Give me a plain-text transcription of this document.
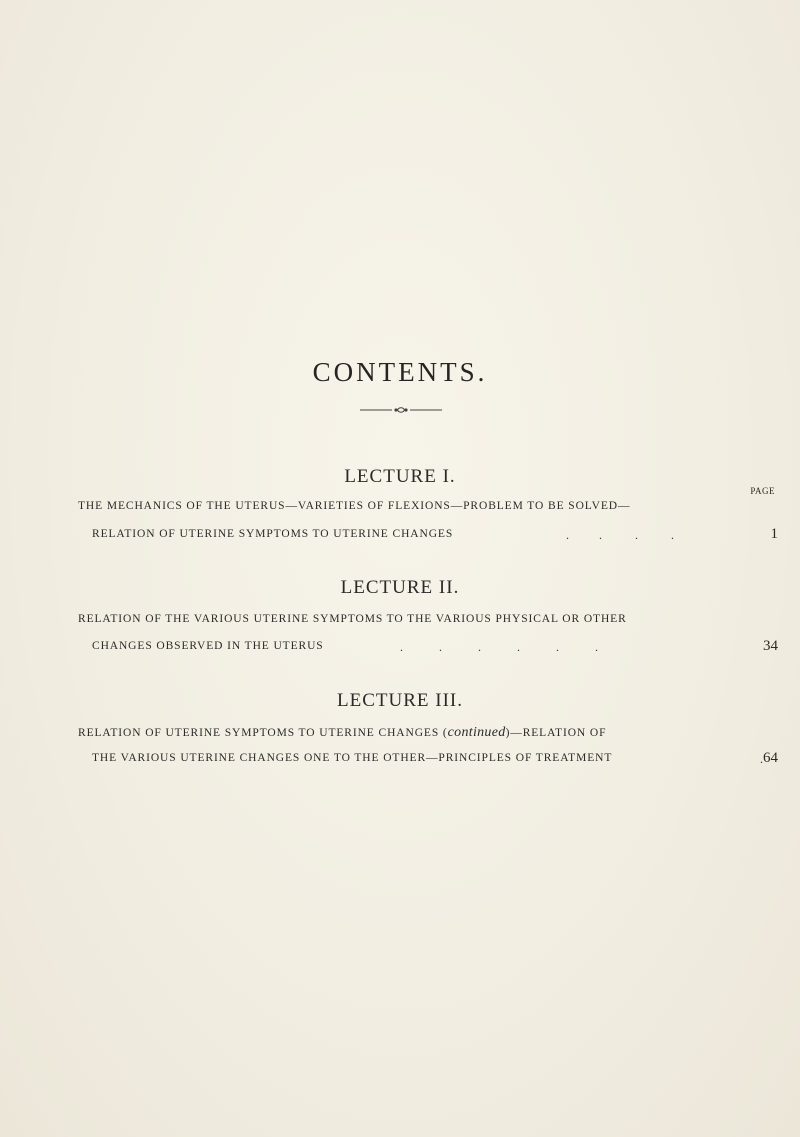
CONTENTS.
LECTURE I.
PAGE
THE MECHANICS OF THE UTERUS—VARIETIES OF FLEXIONS—PROBLEM TO BE SOLVED—
RELATION OF UTERINE SYMPTOMS TO UTERINE CHANGES	.          .           .           .	1
LECTURE II.
RELATION OF THE VARIOUS UTERINE SYMPTOMS TO THE VARIOUS PHYSICAL OR OTHER
CHANGES OBSERVED IN THE UTERUS	.            .            .            .            .            .	34
LECTURE III.
RELATION OF UTERINE SYMPTOMS TO UTERINE CHANGES (continued)—RELATION OF
THE VARIOUS UTERINE CHANGES ONE TO THE OTHER—PRINCIPLES OF TREATMENT	. 64
